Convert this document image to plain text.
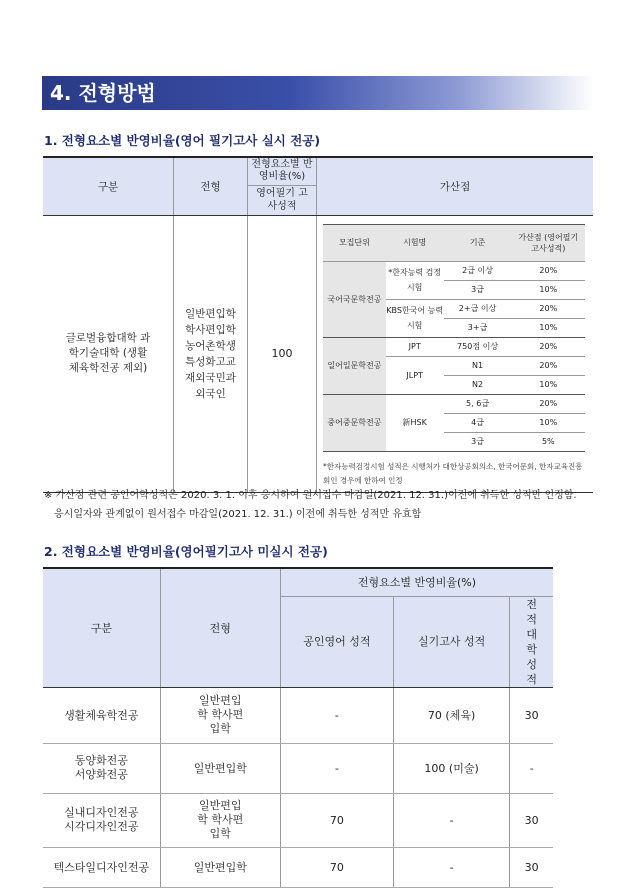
4. 전형방법
1. 전형요소별 반영비율(영어 필기고사 실시 전공)
구분	전형	전형요소별 반영비율(%)	가산점
영어필기 고사성적
글로벌융합대학 과학기술대학 (생활체육학전공 제외)	일반편입학 학사편입학 농어촌학생 특성화고교 재외국민과 외국인	100	
모집단위	시험명	기준	가산점 (영어필기 고사성적)
국어국문학전공	*한자능력 검정시험	2급 이상	20%
3급	10%
KBS한국어 능력시험	2+급 이상	20%
3+급	10%
일어일문학전공	JPT	750점 이상	20%
JLPT	N1	20%
N2	10%
중어중문학전공	新HSK	5, 6급	20%
4급	10%
3급	5%
*한자능력검정시험 성적은 시행처가 대한상공회의소, 한국어문회, 한자교육진흥회인 경우에 한하여 인정
※ 가산점 관련 공인어학성적은 2020. 3. 1. 이후 응시하여 원서접수 마감일(2021. 12. 31.)이전에 취득한 성적만 인정함.
응시일자와 관계없이 원서접수 마감일(2021. 12. 31.) 이전에 취득한 성적만 유효함
2. 전형요소별 반영비율(영어필기고사 미실시 전공)
구분	전형	전형요소별 반영비율(%)		
		공인영어 성적	실기고사 성적	전적대학 성적
생활체육학전공	일반편입학 학사편입학	-	70 (체육)	30
동양화전공 서양화전공	일반편입학	-	100 (미술)	-
실내디자인전공 시각디자인전공	일반편입학 학사편입학	70	-	30
텍스타일디자인전공	일반편입학	70	-	30
